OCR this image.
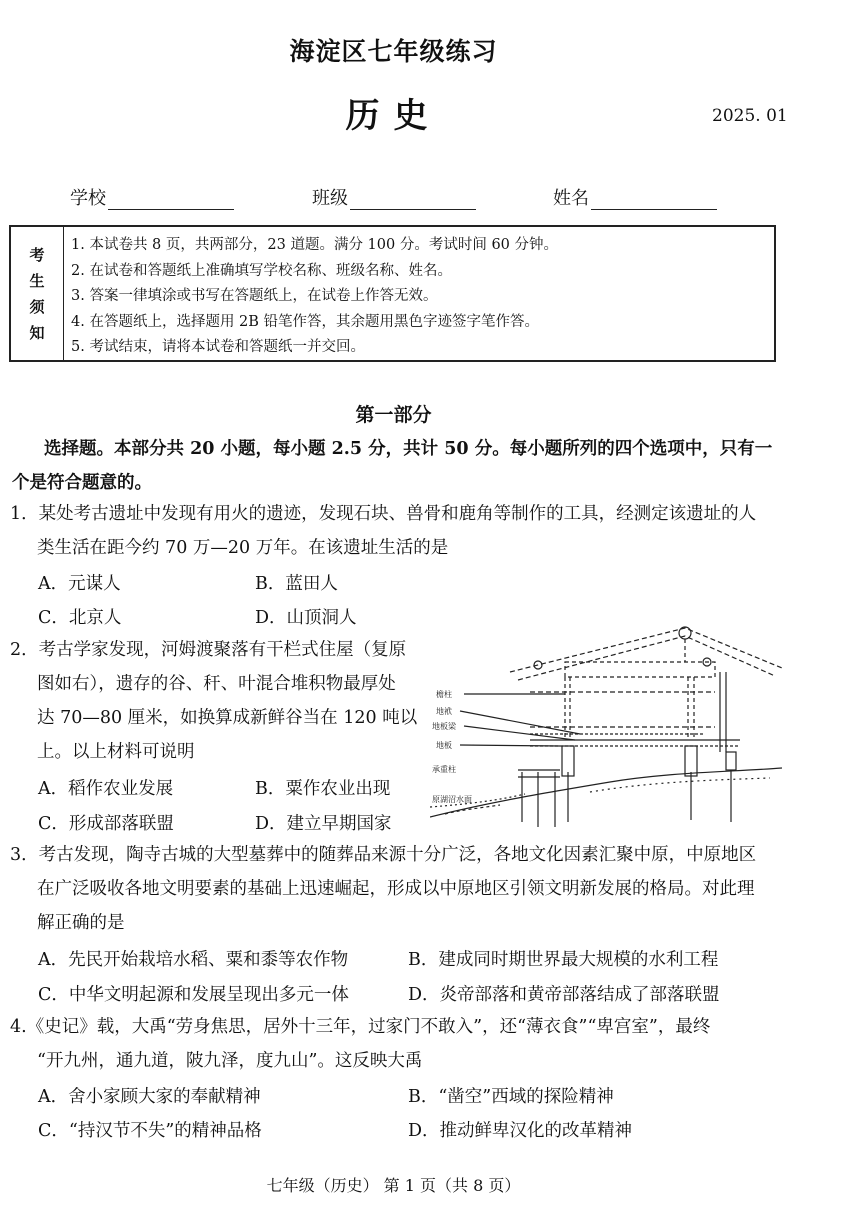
海淀区七年级练习
历史	2025. 01
学校	班级	姓名
考
生
须
知
1. 本试卷共 8 页，共两部分，23 道题。满分 100 分。考试时间 60 分钟。
2. 在试卷和答题纸上准确填写学校名称、班级名称、姓名。
3. 答案一律填涂或书写在答题纸上，在试卷上作答无效。
4. 在答题纸上，选择题用 2B 铅笔作答，其余题用黑色字迹签字笔作答。
5. 考试结束，请将本试卷和答题纸一并交回。
第一部分
选择题。本部分共 20 小题，每小题 2.5 分，共计 50 分。每小题所列的四个选项中，只有一
个是符合题意的。
1．某处考古遗址中发现有用火的遗迹，发现石块、兽骨和鹿角等制作的工具，经测定该遗址的人
类生活在距今约 70 万—20 万年。在该遗址生活的是
A．元谋人	B．蓝田人
C．北京人	D．山顶洞人
2．考古学家发现，河姆渡聚落有干栏式住屋（复原
图如右），遗存的谷、秆、叶混合堆积物最厚处
达 70—80 厘米，如换算成新鲜谷当在 120 吨以
上。以上材料可说明
A．稻作农业发展	B．粟作农业出现
C．形成部落联盟	D．建立早期国家
檐柱
地袱
地板梁
地板
承重柱
原湖沼水面
3．考古发现，陶寺古城的大型墓葬中的随葬品来源十分广泛，各地文化因素汇聚中原，中原地区
在广泛吸收各地文明要素的基础上迅速崛起，形成以中原地区引领文明新发展的格局。对此理
解正确的是
A．先民开始栽培水稻、粟和黍等农作物	B．建成同时期世界最大规模的水利工程
C．中华文明起源和发展呈现出多元一体	D．炎帝部落和黄帝部落结成了部落联盟
4.《史记》载，大禹“劳身焦思，居外十三年，过家门不敢入”，还“薄衣食”“卑宫室”，最终
“开九州，通九道，陂九泽，度九山”。这反映大禹
A．舍小家顾大家的奉献精神	B．“凿空”西域的探险精神
C．“持汉节不失”的精神品格	D．推动鲜卑汉化的改革精神
七年级（历史） 第 1 页（共 8 页）
